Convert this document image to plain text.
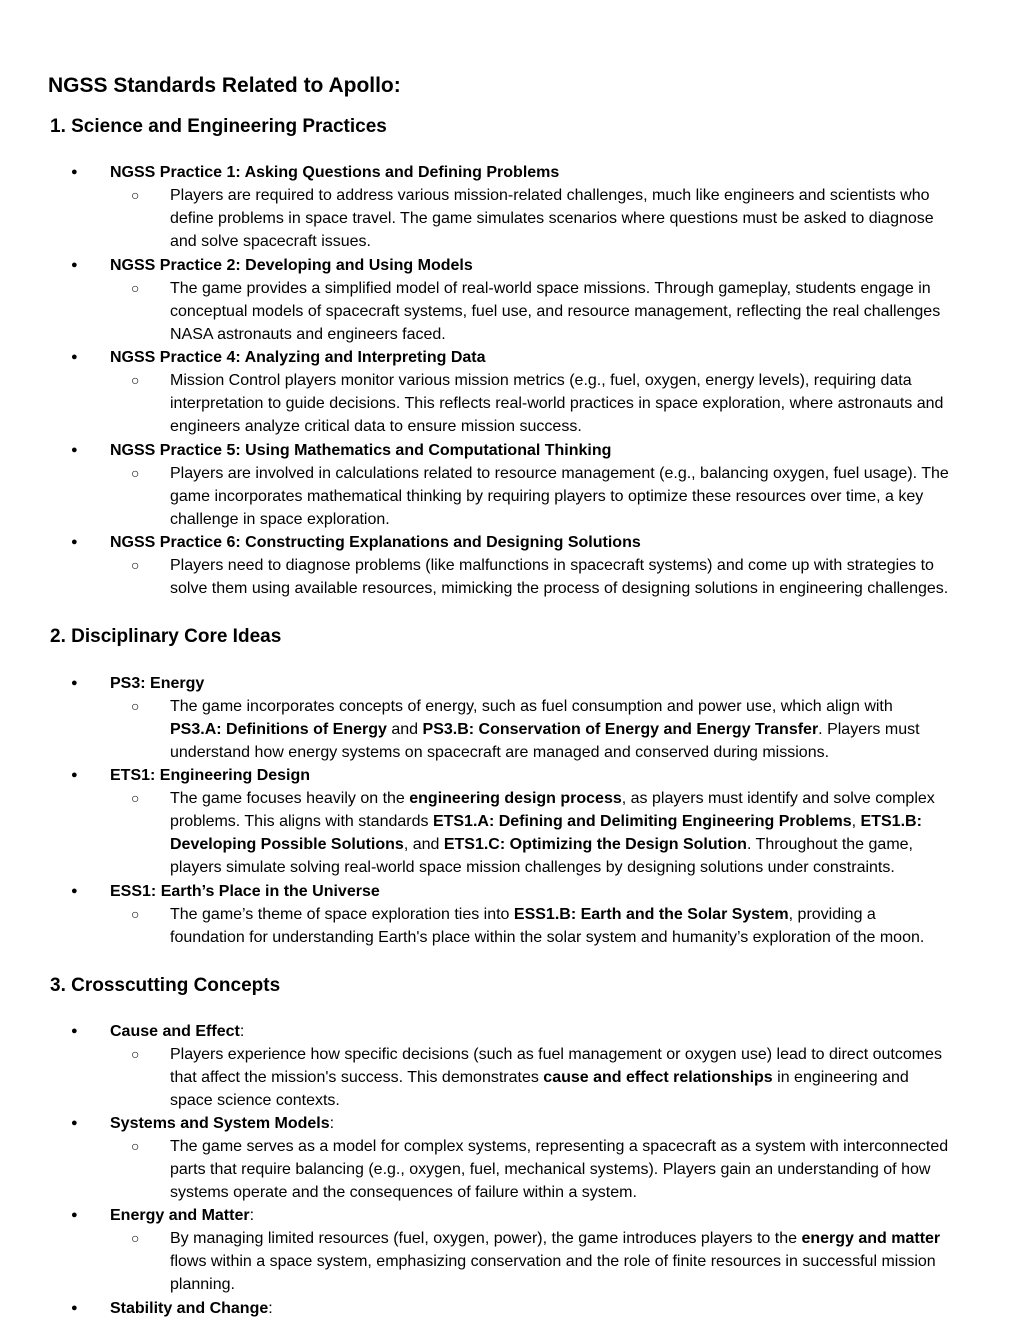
NGSS Standards Related to Apollo:
1. Science and Engineering Practices
● NGSS Practice 1: Asking Questions and Defining Problems
○ Players are required to address various mission-related challenges, much like engineers and scientists who
define problems in space travel. The game simulates scenarios where questions must be asked to diagnose
and solve spacecraft issues.
● NGSS Practice 2: Developing and Using Models
○ The game provides a simplified model of real-world space missions. Through gameplay, students engage in
conceptual models of spacecraft systems, fuel use, and resource management, reflecting the real challenges
NASA astronauts and engineers faced.
● NGSS Practice 4: Analyzing and Interpreting Data
○ Mission Control players monitor various mission metrics (e.g., fuel, oxygen, energy levels), requiring data
interpretation to guide decisions. This reflects real-world practices in space exploration, where astronauts and
engineers analyze critical data to ensure mission success.
● NGSS Practice 5: Using Mathematics and Computational Thinking
○ Players are involved in calculations related to resource management (e.g., balancing oxygen, fuel usage). The
game incorporates mathematical thinking by requiring players to optimize these resources over time, a key
challenge in space exploration.
● NGSS Practice 6: Constructing Explanations and Designing Solutions
○ Players need to diagnose problems (like malfunctions in spacecraft systems) and come up with strategies to
solve them using available resources, mimicking the process of designing solutions in engineering challenges.
2. Disciplinary Core Ideas
● PS3: Energy
○ The game incorporates concepts of energy, such as fuel consumption and power use, which align with
PS3.A: Definitions of Energy and PS3.B: Conservation of Energy and Energy Transfer. Players must
understand how energy systems on spacecraft are managed and conserved during missions.
● ETS1: Engineering Design
○ The game focuses heavily on the engineering design process, as players must identify and solve complex
problems. This aligns with standards ETS1.A: Defining and Delimiting Engineering Problems, ETS1.B:
Developing Possible Solutions, and ETS1.C: Optimizing the Design Solution. Throughout the game,
players simulate solving real-world space mission challenges by designing solutions under constraints.
● ESS1: Earth’s Place in the Universe
○ The game’s theme of space exploration ties into ESS1.B: Earth and the Solar System, providing a
foundation for understanding Earth's place within the solar system and humanity’s exploration of the moon.
3. Crosscutting Concepts
● Cause and Effect:
○ Players experience how specific decisions (such as fuel management or oxygen use) lead to direct outcomes
that affect the mission's success. This demonstrates cause and effect relationships in engineering and
space science contexts.
● Systems and System Models:
○ The game serves as a model for complex systems, representing a spacecraft as a system with interconnected
parts that require balancing (e.g., oxygen, fuel, mechanical systems). Players gain an understanding of how
systems operate and the consequences of failure within a system.
● Energy and Matter:
○ By managing limited resources (fuel, oxygen, power), the game introduces players to the energy and matter
flows within a space system, emphasizing conservation and the role of finite resources in successful mission
planning.
● Stability and Change:
